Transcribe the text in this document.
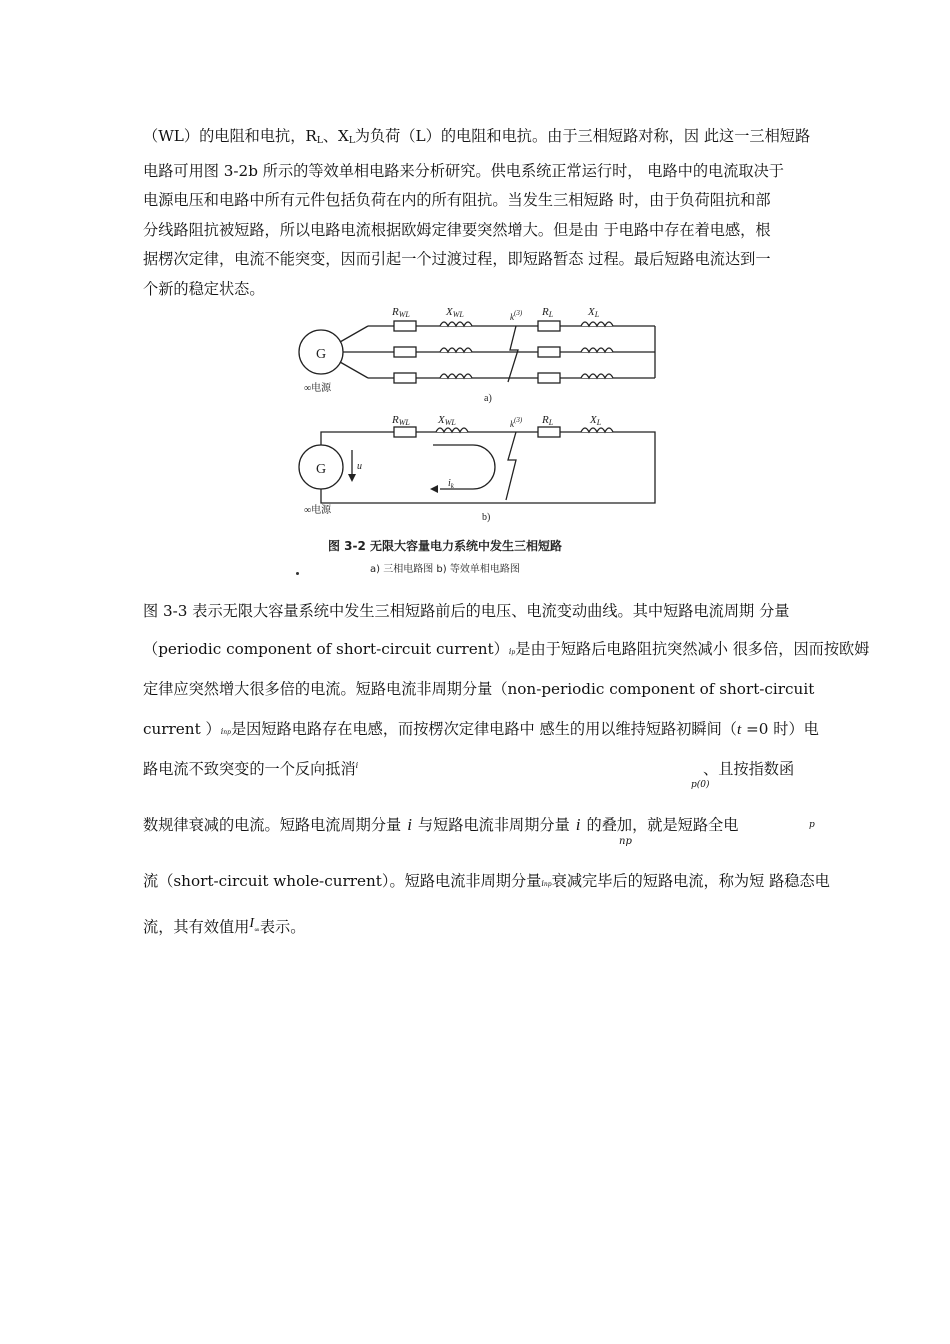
（WL）的电阻和电抗，$R_L$、$X_L$为负荷（L）的电阻和电抗。由于三相短路对称，因 此这一三相短路
电路可用图 3-2b 所示的等效单相电路来分析研究。供电系统正常运行时， 电路中的电流取决于
电源电压和电路中所有元件包括负荷在内的所有阻抗。当发生三相短路 时，由于负荷阻抗和部
分线路阻抗被短路，所以电路电流根据欧姆定律要突然增大。但是由 于电路中存在着电感，根
据楞次定律，电流不能突变，因而引起一个过渡过程，即短路暂态 过程。最后短路电流达到一
个新的稳定状态。
G
RWL	XWL	$k^{(3)}$ RL	XL
∞电源
a)
G	u
$i_k$
RWL	XWL	$k^{(3)}$ RL	XL
∞电源
b)
图 3-2 无限大容量电力系统中发生三相短路
a) 三相电路图 b) 等效单相电路图
图 3-3 表示无限大容量系统中发生三相短路前后的电压、电流变动曲线。其中短路电流周期 分量
（periodic component of short-circuit current）ip是由于短路后电路阻抗突然减小 很多倍，因而按欧姆
定律应突然增大很多倍的电流。短路电流非周期分量（non-periodic component of short-circuit
current ）inp是因短路电路存在电感，而按楞次定律电路中 感生的用以维持短路初瞬间（t =0 时）电
路电流不致突变的一个反向抵消$^i$	、且按指数函
p(0)
数规律衰减的电流。短路电流周期分量 i 与短路电流非周期分量 i 的叠加，就是短路全电	p
np
流（short-circuit whole-current）。短路电流非周期分量inp衰减完毕后的短路电流，称为短 路稳态电
流，其有效值用I∞表示。
